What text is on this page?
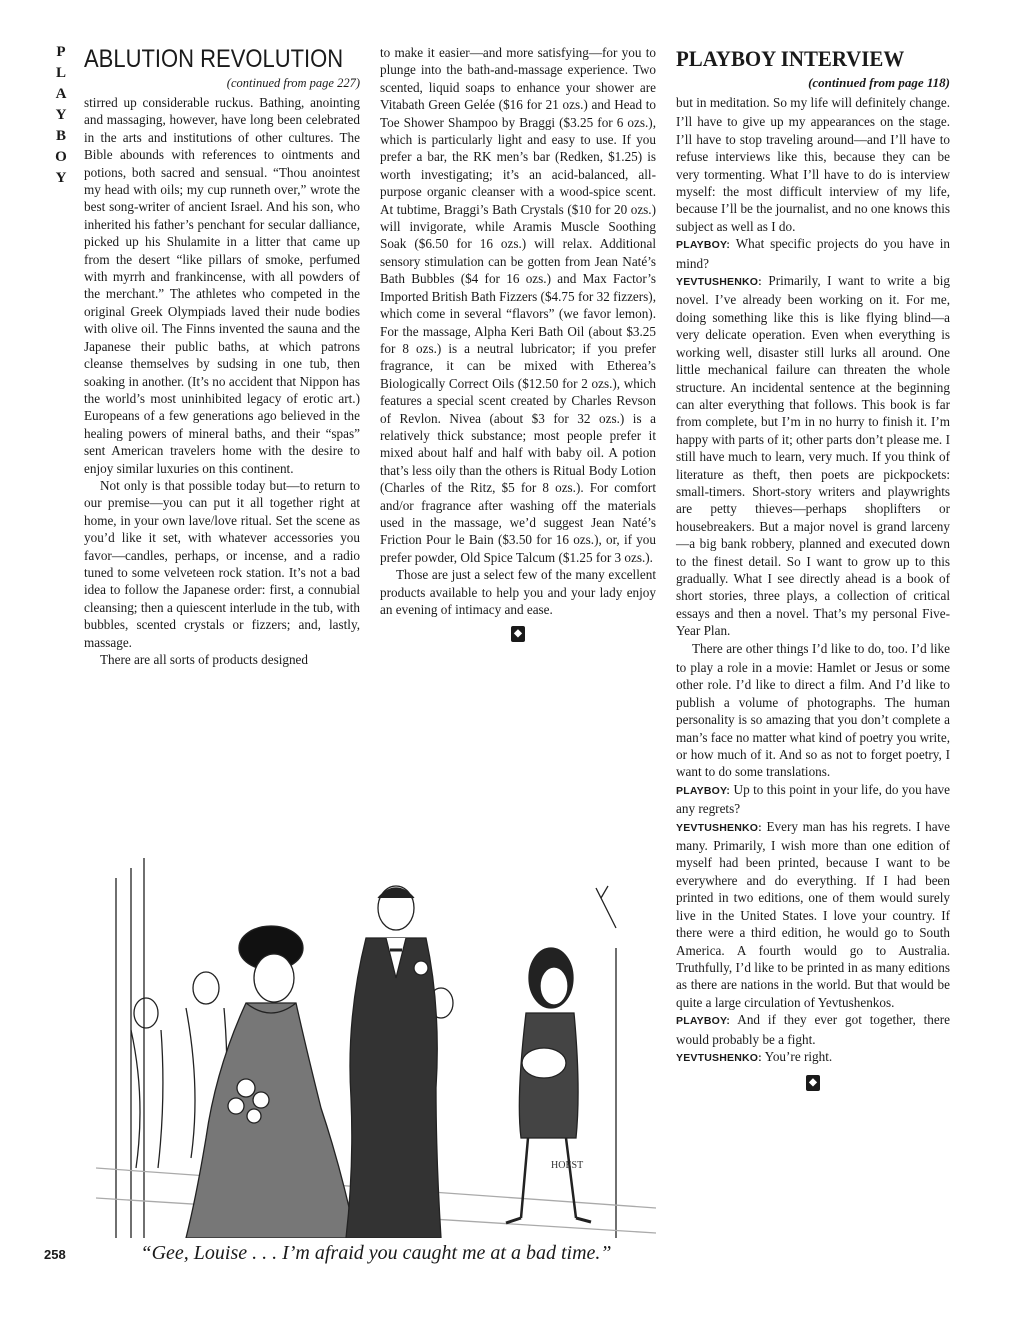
P
L
A
Y
B
O
Y
ABLUTION REVOLUTION
(continued from page 227)

stirred up considerable ruckus. Bathing, anointing and massaging, however, have long been celebrated in the arts and institutions of other cultures. The Bible abounds with references to ointments and potions, both sacred and sensual. “Thou anointest my head with oils; my cup runneth over,” wrote the best song-writer of ancient Israel. And his son, who inherited his father’s penchant for secular dalliance, picked up his Shulamite in a litter that came up from the desert “like pillars of smoke, perfumed with myrrh and frankincense, with all powders of the merchant.” The athletes who competed in the original Greek Olympiads laved their nude bodies with olive oil. The Finns invented the sauna and the Japanese their public baths, at which patrons cleanse themselves by sudsing in one tub, then soaking in another. (It’s no accident that Nippon has the world’s most uninhibited legacy of erotic art.) Europeans of a few generations ago believed in the healing powers of mineral baths, and their “spas” sent American travelers home with the desire to enjoy similar luxuries on this continent.

Not only is that possible today but—to return to our premise—you can put it all together right at home, in your own lave/love ritual. Set the scene as you’d like it set, with whatever accessories you favor—candles, perhaps, or incense, and a radio tuned to some velveteen rock station. It’s not a bad idea to follow the Japanese order: first, a connubial cleansing; then a quiescent interlude in the tub, with bubbles, scented crystals or fizzers; and, lastly, massage.

There are all sorts of products designed

to make it easier—and more satisfying—for you to plunge into the bath-and-massage experience. Two scented, liquid soaps to enhance your shower are Vitabath Green Gelée ($16 for 21 ozs.) and Head to Toe Shower Shampoo by Braggi ($3.25 for 6 ozs.), which is particularly light and easy to use. If you prefer a bar, the RK men’s bar (Redken, $1.25) is worth investigating; it’s an acid-balanced, all-purpose organic cleanser with a wood-spice scent. At tubtime, Braggi’s Bath Crystals ($10 for 20 ozs.) will invigorate, while Aramis Muscle Soothing Soak ($6.50 for 16 ozs.) will relax. Additional sensory stimulation can be gotten from Jean Naté’s Bath Bubbles ($4 for 16 ozs.) and Max Factor’s Imported British Bath Fizzers ($4.75 for 32 fizzers), which come in several “flavors” (we favor lemon). For the massage, Alpha Keri Bath Oil (about $3.25 for 8 ozs.) is a neutral lubricator; if you prefer fragrance, it can be mixed with Etherea’s Biologically Correct Oils ($12.50 for 2 ozs.), which features a special scent created by Charles Revson of Revlon. Nivea (about $3 for 32 ozs.) is a relatively thick substance; most people prefer it mixed about half and half with baby oil. A potion that’s less oily than the others is Ritual Body Lotion (Charles of the Ritz, $5 for 8 ozs.). For comfort and/or fragrance after washing off the materials used in the massage, we’d suggest Jean Naté’s Friction Pour le Bain ($3.50 for 16 ozs.), or, if you prefer powder, Old Spice Talcum ($1.25 for 3 ozs.).

Those are just a select few of the many excellent products available to help you and your lady enjoy an evening of intimacy and ease.

◆
PLAYBOY INTERVIEW
(continued from page 118)

but in meditation. So my life will definitely change. I’ll have to give up my appearances on the stage. I’ll have to stop traveling around—and I’ll have to refuse interviews like this, because they can be very tormenting. What I’ll have to do is interview myself: the most difficult interview of my life, because I’ll be the journalist, and no one knows this subject as well as I do.

PLAYBOY: What specific projects do you have in mind?

YEVTUSHENKO: Primarily, I want to write a big novel. I’ve already been working on it. For me, doing something like this is like flying blind—a very delicate operation. Even when everything is working well, disaster still lurks all around. One little mechanical failure can threaten the whole structure. An incidental sentence at the beginning can alter everything that follows. This book is far from complete, but I’m in no hurry to finish it. I’m happy with parts of it; other parts don’t please me. I still have much to learn, very much. If you think of literature as theft, then poets are pickpockets: small-timers. Short-story writers and playwrights are petty thieves—perhaps shoplifters or housebreakers. But a major novel is grand larceny—a big bank robbery, planned and executed down to the finest detail. So I want to grow up to this gradually. What I see directly ahead is a book of short stories, three plays, a collection of critical essays and then a novel. That’s my personal Five-Year Plan.

There are other things I’d like to do, too. I’d like to play a role in a movie: Hamlet or Jesus or some other role. I’d like to direct a film. And I’d like to publish a volume of photographs. The human personality is so amazing that you don’t complete a man’s face no matter what kind of poetry you write, or how much of it. And so as not to forget poetry, I want to do some translations.

PLAYBOY: Up to this point in your life, do you have any regrets?

YEVTUSHENKO: Every man has his regrets. I have many. Primarily, I wish more than one edition of myself had been printed, because I want to be everywhere and do everything. If I had been printed in two editions, one of them would surely live in the United States. I love your country. If there were a third edition, he would go to South America. A fourth would go to Australia. Truthfully, I’d like to be printed in as many editions as there are nations in the world. But that would be quite a large circulation of Yevtushenkos.

PLAYBOY: And if they ever got together, there would probably be a fight.

YEVTUSHENKO: You’re right.

◆
HOEST
“Gee, Louise . . . I’m afraid you caught me at a bad time.”
258
